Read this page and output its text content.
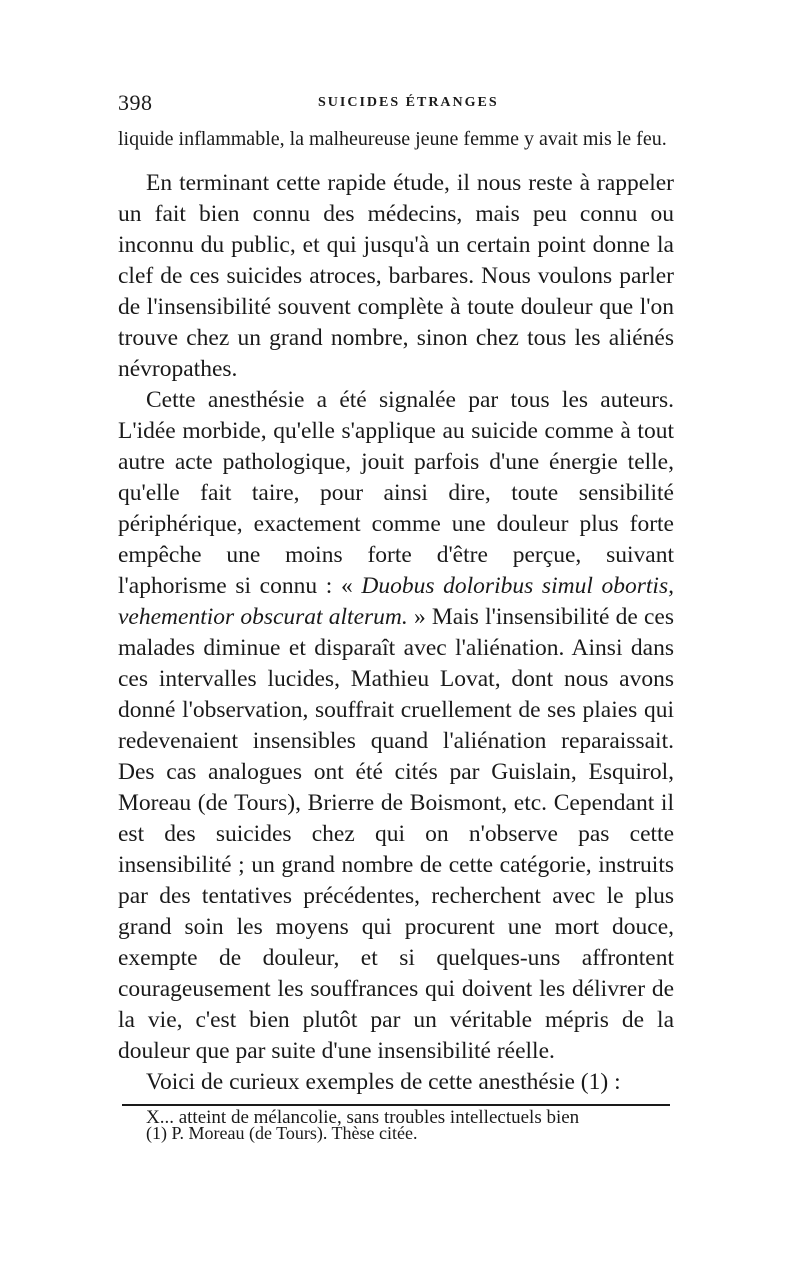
398	SUICIDES ÉTRANGES

liquide inflammable, la malheureuse jeune femme y avait mis le feu.

En terminant cette rapide étude, il nous reste à rappeler un fait bien connu des médecins, mais peu connu ou inconnu du public, et qui jusqu'à un certain point donne la clef de ces suicides atroces, barbares. Nous voulons parler de l'insensibilité souvent complète à toute douleur que l'on trouve chez un grand nombre, sinon chez tous les aliénés névropathes.

Cette anesthésie a été signalée par tous les auteurs. L'idée morbide, qu'elle s'applique au suicide comme à tout autre acte pathologique, jouit parfois d'une énergie telle, qu'elle fait taire, pour ainsi dire, toute sensibilité périphérique, exactement comme une douleur plus forte empêche une moins forte d'être perçue, suivant l'aphorisme si connu : « Duobus doloribus simul obortis, vehementior obscurat alterum. » Mais l'insensibilité de ces malades diminue et disparaît avec l'aliénation. Ainsi dans ces intervalles lucides, Mathieu Lovat, dont nous avons donné l'observation, souffrait cruellement de ses plaies qui redevenaient insensibles quand l'aliénation reparaissait. Des cas analogues ont été cités par Guislain, Esquirol, Moreau (de Tours), Brierre de Boismont, etc. Cependant il est des suicides chez qui on n'observe pas cette insensibilité ; un grand nombre de cette catégorie, instruits par des tentatives précédentes, recherchent avec le plus grand soin les moyens qui procurent une mort douce, exempte de douleur, et si quelques-uns affrontent courageusement les souffrances qui doivent les délivrer de la vie, c'est bien plutôt par un véritable mépris de la douleur que par suite d'une insensibilité réelle.

Voici de curieux exemples de cette anesthésie (1) :

X... atteint de mélancolie, sans troubles intellectuels bien

(1) P. Moreau (de Tours). Thèse citée.
